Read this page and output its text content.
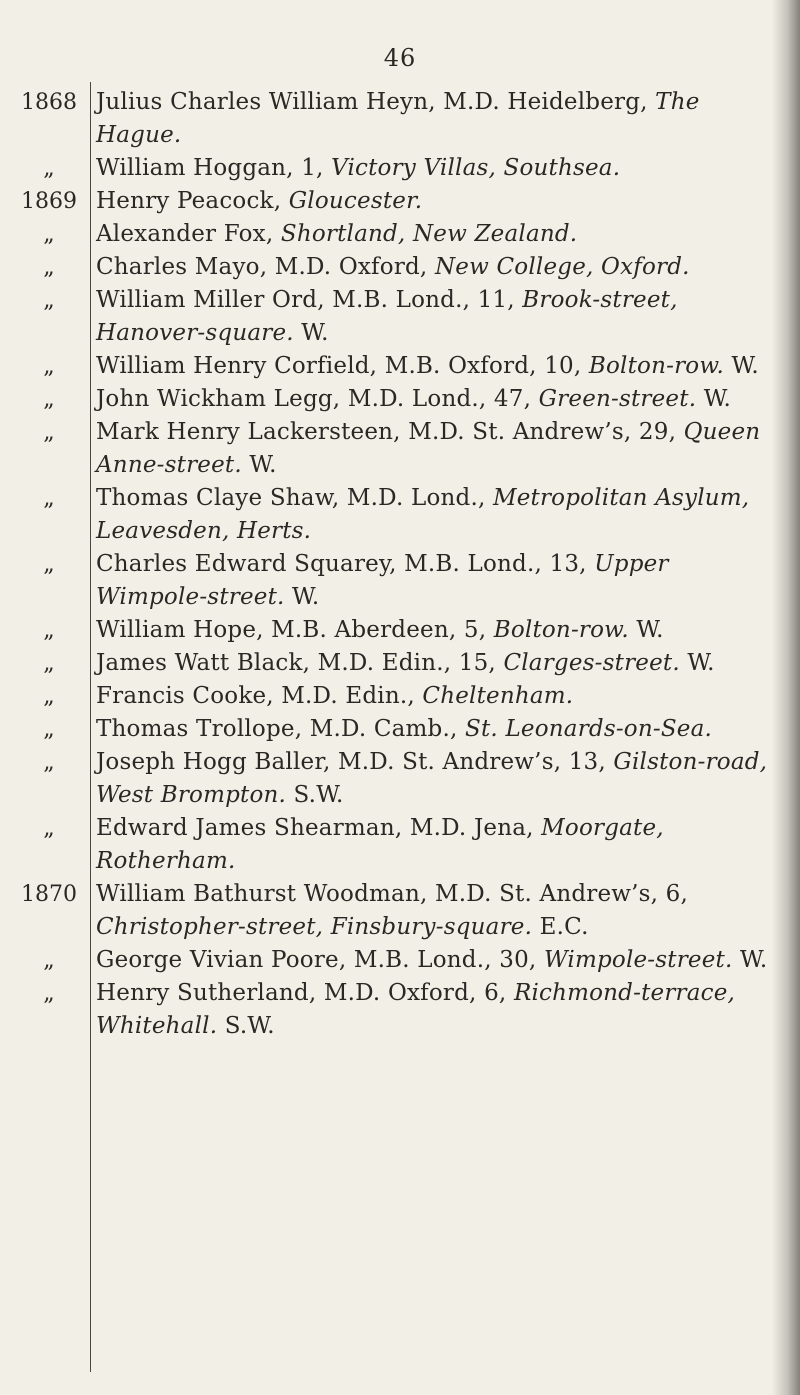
46
1868 Julius Charles William Heyn, M.D. Heidelberg, The Hague.
„	William Hoggan, 1, Victory Villas, Southsea.
1869 Henry Peacock, Gloucester.
„	Alexander Fox, Shortland, New Zealand.
„	Charles Mayo, M.D. Oxford, New College, Oxford.
„	William Miller Ord, M.B. Lond., 11, Brook-street, Hanover-square. W.
„	William Henry Corfield, M.B. Oxford, 10, Bolton-row. W.
„	John Wickham Legg, M.D. Lond., 47, Green-street. W.
„	Mark Henry Lackersteen, M.D. St. Andrew’s, 29, Queen Anne-street. W.
„	Thomas Claye Shaw, M.D. Lond., Metropolitan Asylum, Leavesden, Herts.
„	Charles Edward Squarey, M.B. Lond., 13, Upper Wimpole-street. W.
„	William Hope, M.B. Aberdeen, 5, Bolton-row. W.
„	James Watt Black, M.D. Edin., 15, Clarges-street. W.
„	Francis Cooke, M.D. Edin., Cheltenham.
„	Thomas Trollope, M.D. Camb., St. Leonards-on-Sea.
„	Joseph Hogg Baller, M.D. St. Andrew’s, 13, Gilston-road, West Brompton. S.W.
„	Edward James Shearman, M.D. Jena, Moorgate, Rotherham.
1870 William Bathurst Woodman, M.D. St. Andrew’s, 6, Christopher-street, Finsbury-square. E.C.
„	George Vivian Poore, M.B. Lond., 30, Wimpole-street. W.
„	Henry Sutherland, M.D. Oxford, 6, Richmond-terrace, Whitehall. S.W.
